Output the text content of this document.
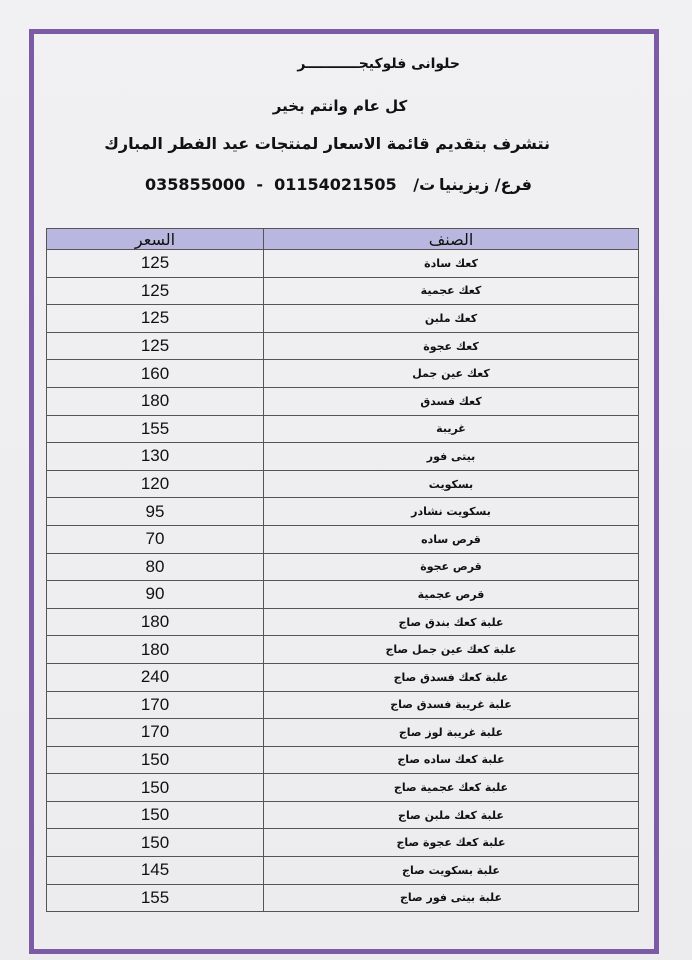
حلوانى فلوكيجـــــــــــر
كل عام وانتم بخير
نتشرف بتقديم قائمة الاسعار لمنتجات عيد الفطر المبارك
فرع/ زيزينيا
035855000  -  01154021505   /ت
السعر	الصنف
125	كعك سادة
125	كعك عجمية
125	كعك ملبن
125	كعك عجوة
160	كعك عين جمل
180	كعك فسدق
155	غريبة
130	بيتى فور
120	بسكويت
95	بسكويت نشادر
70	قرص ساده
80	قرص عجوة
90	قرص عجمية
180	علبة كعك بندق صاج
180	علبة كعك عين جمل صاج
240	علبة كعك فسدق صاج
170	علبة غريبة فسدق صاج
170	علبة غريبة لوز صاج
150	علبة كعك ساده صاج
150	علبة كعك عجمية صاج
150	علبة كعك ملبن صاج
150	علبة كعك عجوة صاج
145	علبة بسكويت صاج
155	علبة بيتى فور صاج
